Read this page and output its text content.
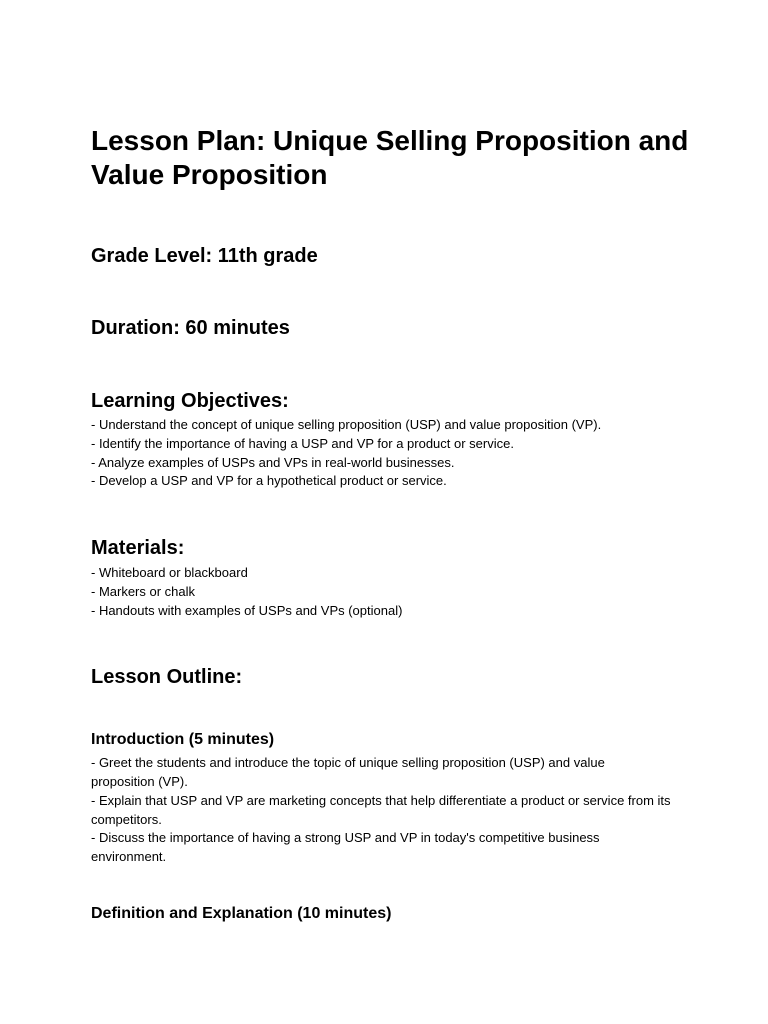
Lesson Plan: Unique Selling Proposition and Value Proposition
Grade Level: 11th grade
Duration: 60 minutes
Learning Objectives:
- Understand the concept of unique selling proposition (USP) and value proposition (VP).
- Identify the importance of having a USP and VP for a product or service.
- Analyze examples of USPs and VPs in real-world businesses.
- Develop a USP and VP for a hypothetical product or service.
Materials:
- Whiteboard or blackboard
- Markers or chalk
- Handouts with examples of USPs and VPs (optional)
Lesson Outline:
Introduction (5 minutes)

- Greet the students and introduce the topic of unique selling proposition (USP) and value proposition (VP).

- Explain that USP and VP are marketing concepts that help differentiate a product or service from its competitors.

- Discuss the importance of having a strong USP and VP in today's competitive business environment.

Definition and Explanation (10 minutes)
